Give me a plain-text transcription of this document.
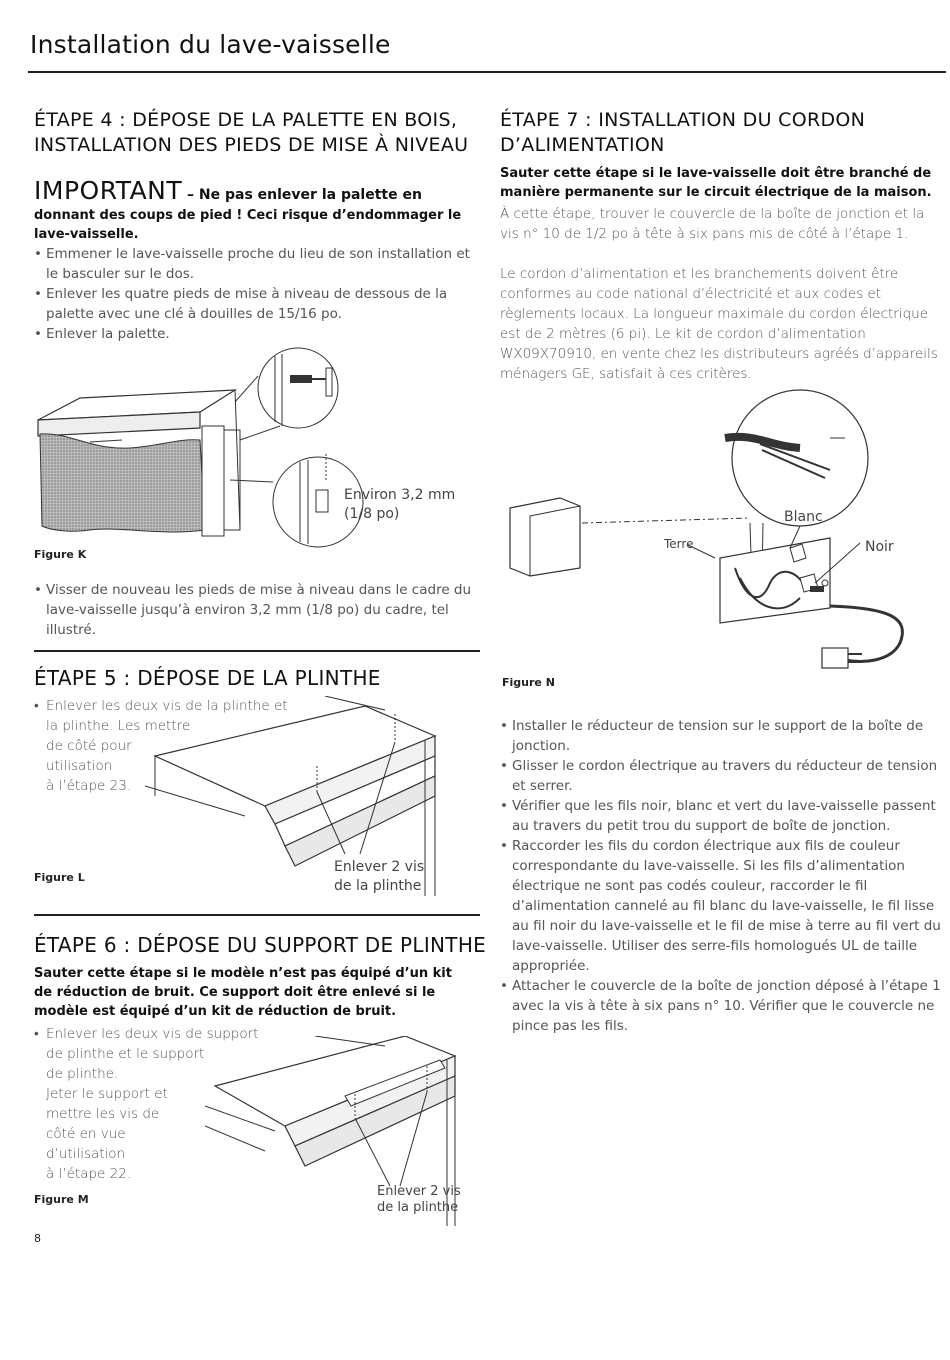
Installation du lave-vaisselle
ÉTAPE 4 : DÉPOSE DE LA PALETTE EN BOIS,
INSTALLATION DES PIEDS DE MISE À NIVEAU
IMPORTANT – Ne pas enlever la palette en
donnant des coups de pied ! Ceci risque d’endommager le lave-vaisselle.
• Emmener le lave-vaisselle proche du lieu de son installation et le basculer sur le dos.
• Enlever les quatre pieds de mise à niveau de dessous de la palette avec une clé à douilles de 15/16 po.
• Enlever la palette.
Environ 3,2 mm
(1/8 po)
Figure K
• Visser de nouveau les pieds de mise à niveau dans le cadre du lave-vaisselle jusqu’à environ 3,2 mm (1/8 po) du cadre, tel illustré.
ÉTAPE 5 : DÉPOSE DE LA PLINTHE
• Enlever les deux vis de la plinthe et
la plinthe. Les mettre
de côté pour
utilisation
à l’étape 23.
Enlever 2 vis
de la plinthe
Figure L
ÉTAPE 6 : DÉPOSE DU SUPPORT DE PLINTHE
Sauter cette étape si le modèle n’est pas équipé d’un kit de réduction de bruit. Ce support doit être enlevé si le modèle est équipé d’un kit de réduction de bruit.
• Enlever les deux vis de support
de plinthe et le support
de plinthe.
Jeter le support et
mettre les vis de
côté en vue
d’utilisation
à l’étape 22.
Enlever 2 vis
de la plinthe
Figure M
ÉTAPE 7 : INSTALLATION DU CORDON
D’ALIMENTATION
Sauter cette étape si le lave-vaisselle doit être branché de manière permanente sur le circuit électrique de la maison.
À cette étape, trouver le couvercle de la boîte de jonction et la vis n° 10 de 1/2 po à tête à six pans mis de côté à l’étape 1.
Le cordon d’alimentation et les branchements doivent être conformes au code national d’électricité et aux codes et règlements locaux. La longueur maximale du cordon électrique est de 2 mètres (6 pi). Le kit de cordon d’alimentation WX09X70910, en vente chez les distributeurs agréés d’appareils ménagers GE, satisfait à ces critères.
Blanc
Noir
Terre
Figure N
• Installer le réducteur de tension sur le support de la boîte de jonction.
• Glisser le cordon électrique au travers du réducteur de tension et serrer.
• Vérifier que les fils noir, blanc et vert du lave-vaisselle passent au travers du petit trou du support de boîte de jonction.
• Raccorder les fils du cordon électrique aux fils de couleur correspondante du lave-vaisselle. Si les fils d’alimentation électrique ne sont pas codés couleur, raccorder le fil d’alimentation cannelé au fil blanc du lave-vaisselle, le fil lisse au fil noir du lave-vaisselle et le fil de mise à terre au fil vert du lave-vaisselle. Utiliser des serre-fils homologués UL de taille appropriée.
• Attacher le couvercle de la boîte de jonction déposé à l’étape 1 avec la vis à tête à six pans n° 10. Vérifier que le couvercle ne pince pas les fils.
8
